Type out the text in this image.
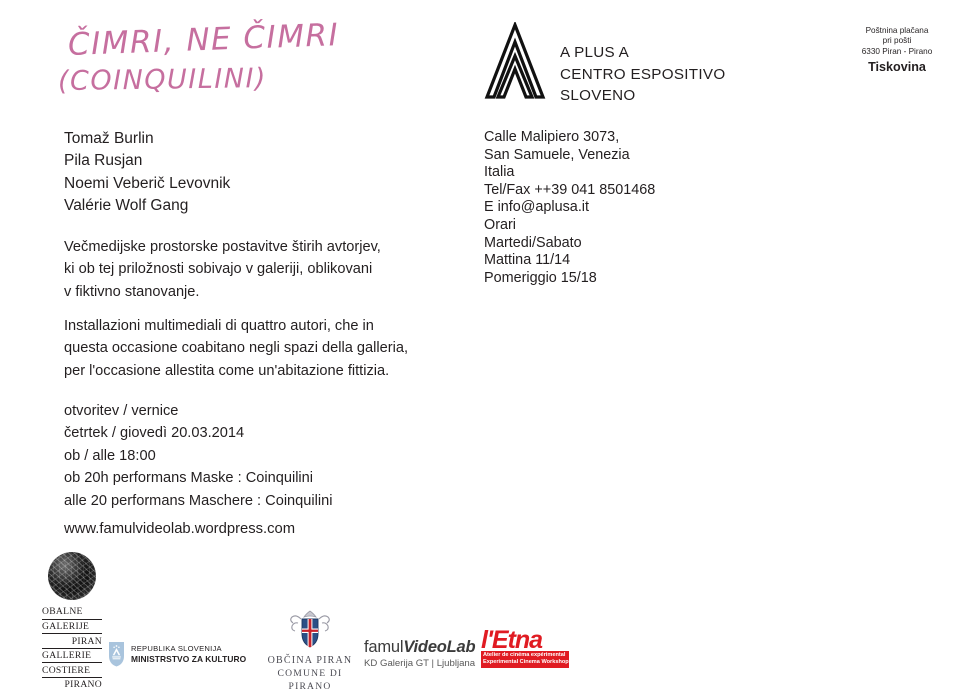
ČIMRI, NE ČIMRI
(COINQUILINI)
Tomaž Burlin
Pila Rusjan
Noemi Veberič Levovnik
Valérie Wolf Gang
Večmedijske prostorske postavitve štirih avtorjev,
ki ob tej priložnosti sobivajo v galeriji, oblikovani
v fiktivno stanovanje.
Installazioni multimediali di quattro autori, che in
questa occasione coabitano negli spazi della galleria,
per l'occasione allestita come un'abitazione fittizia.
otvoritev / vernice
četrtek / giovedì 20.03.2014
ob / alle 18:00
ob 20h performans Maske : Coinquilini
alle 20 performans Maschere : Coinquilini
www.famulvideolab.wordpress.com
A PLUS A
CENTRO ESPOSITIVO
SLOVENO
Calle Malipiero 3073,
San Samuele, Venezia
Italia
Tel/Fax ++39 041 8501468
E info@aplusa.it
Orari
Martedi/Sabato
Mattina 11/14
Pomeriggio 15/18
Poštnina plačana
pri pošti
6330 Piran - Pirano
Tiskovina
OBALNE
GALERIJE
PIRAN
GALLERIE
COSTIERE
PIRANO
REPUBLIKA SLOVENIJA
MINISTRSTVO ZA KULTURO	OBČINA PIRAN
COMUNE DI PIRANO
famulVideoLab
KD Galerija GT | Ljubljana
l'Etna
Atelier de cinéma expérimental
Experimental Cinema Workshop
